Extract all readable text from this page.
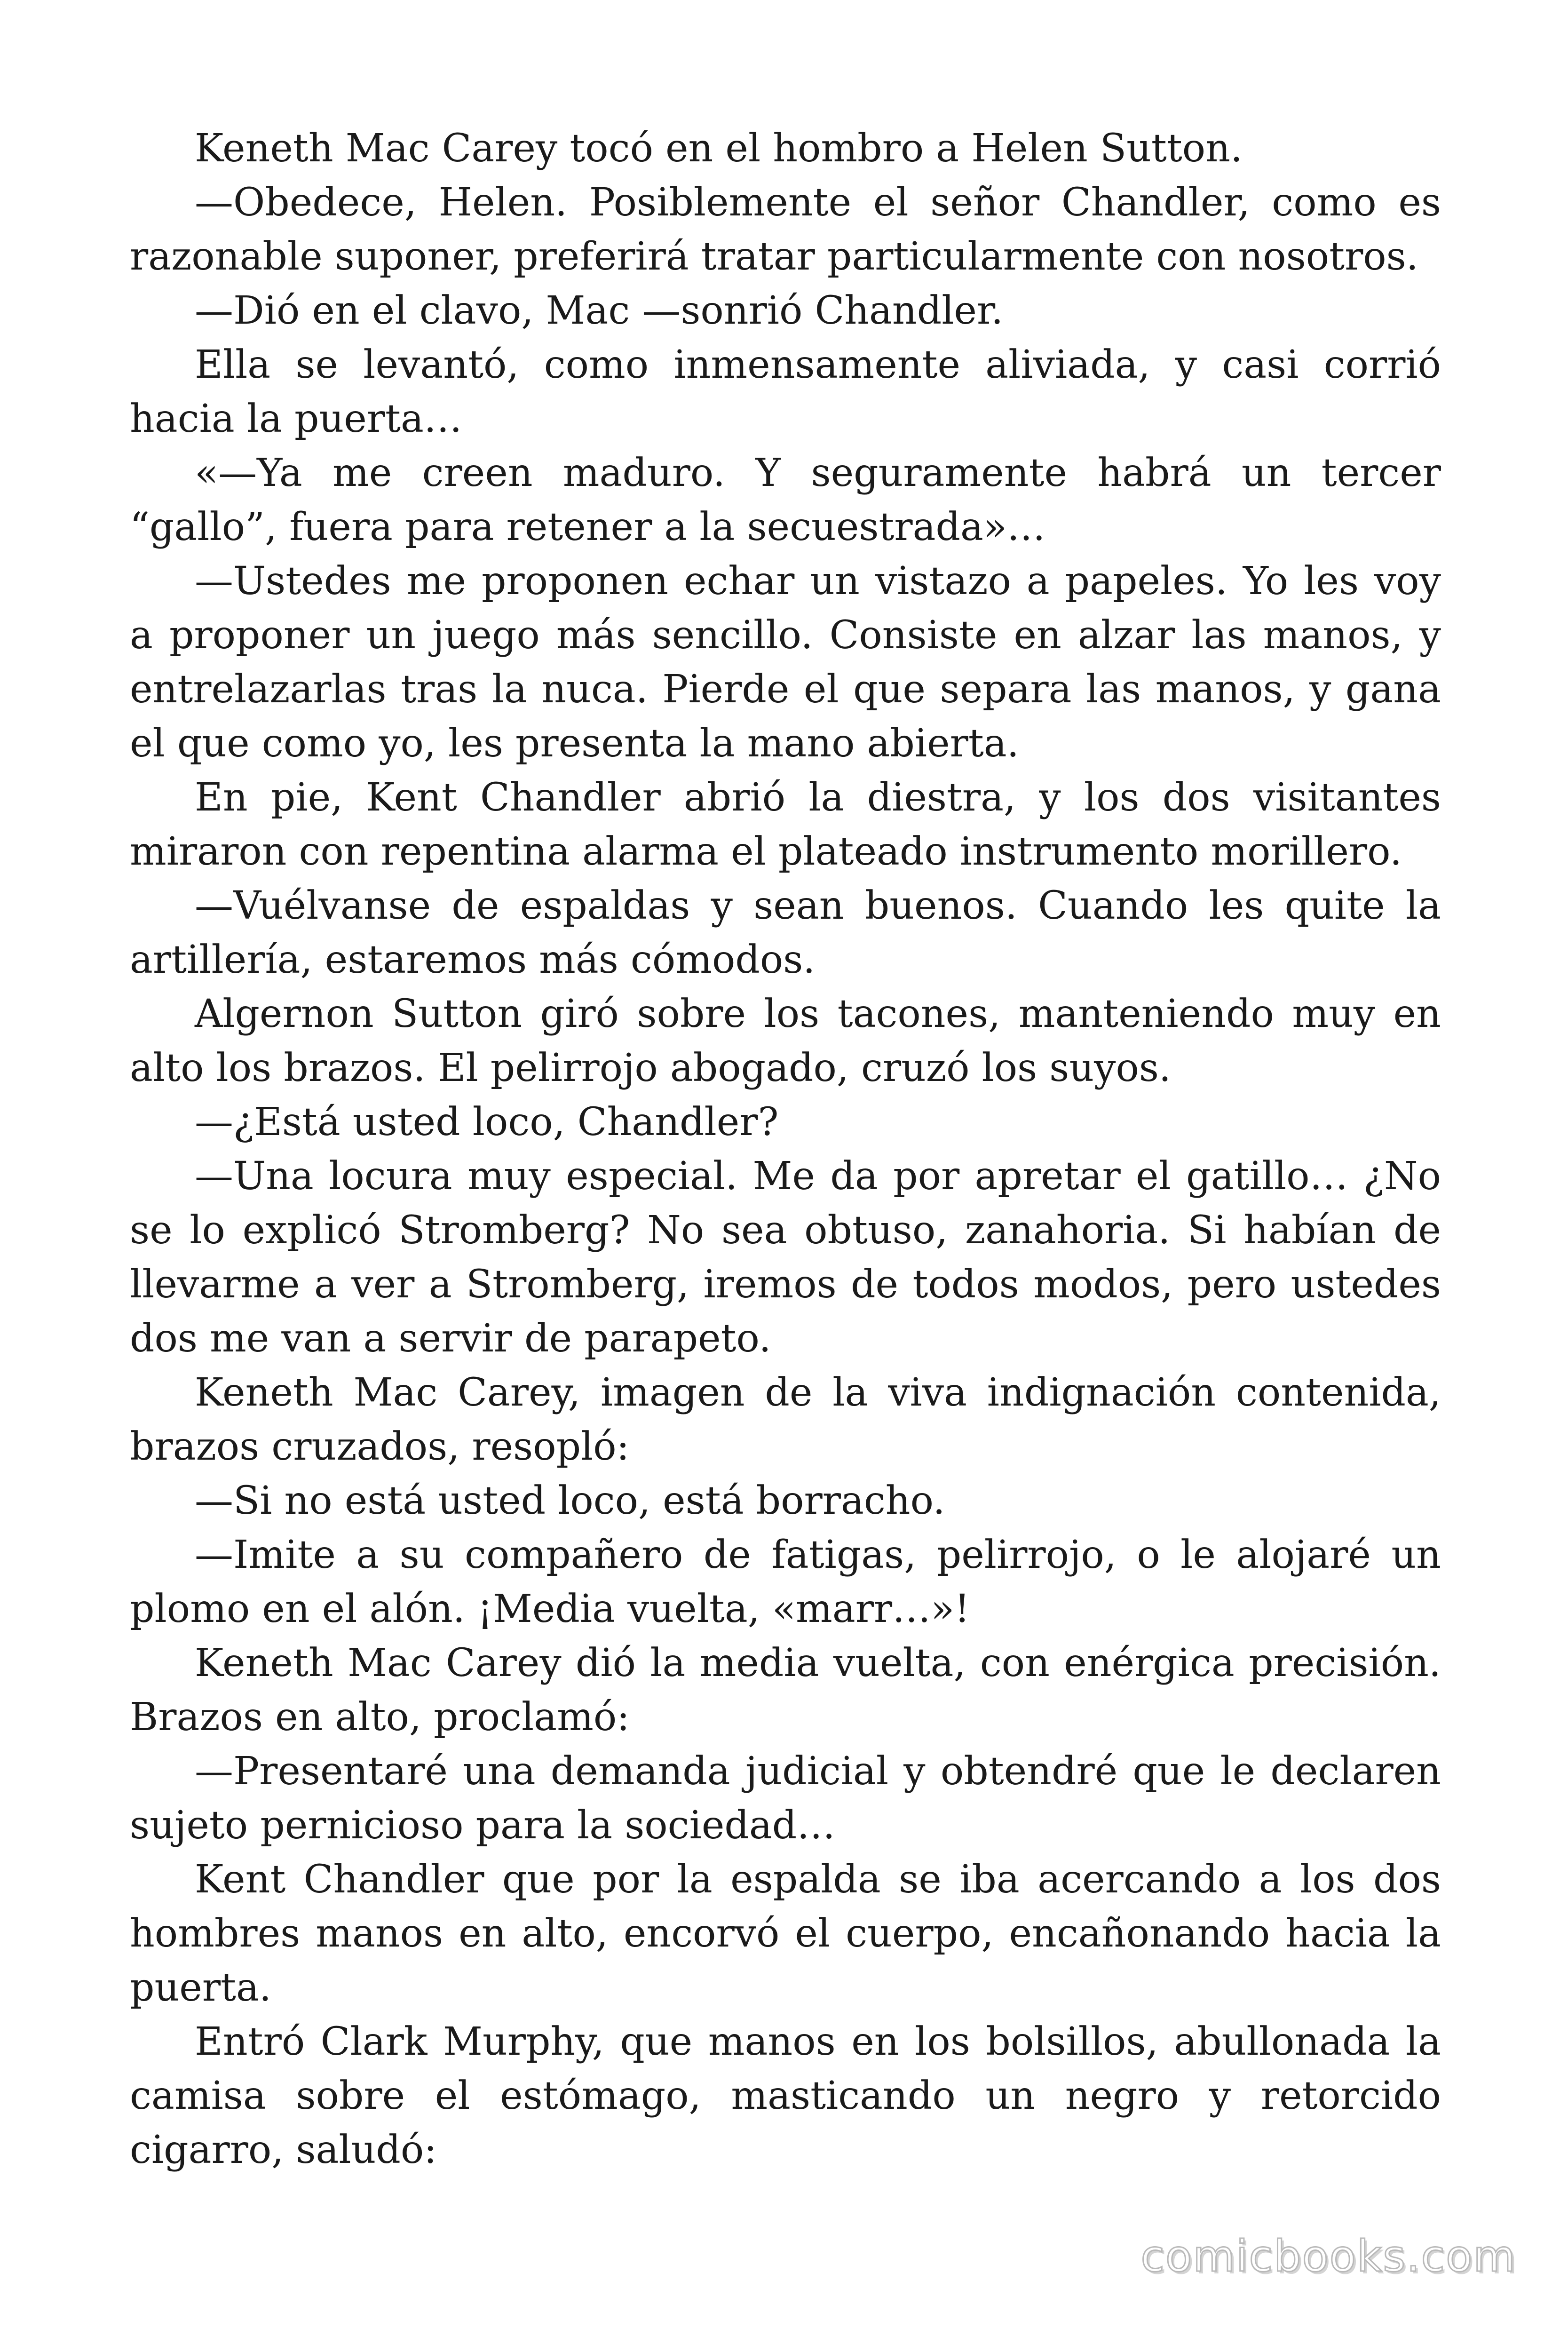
Keneth Mac Carey tocó en el hombro a Helen Sutton.

—Obedece, Helen. Posiblemente el señor Chandler, como es razonable suponer, preferirá tratar particularmente con nosotros.

—Dió en el clavo, Mac —sonrió Chandler.

Ella se levantó, como inmensamente aliviada, y casi corrió hacia la puerta…

«—Ya me creen maduro. Y seguramente habrá un tercer “gallo”, fuera para retener a la secuestrada»…

—Ustedes me proponen echar un vistazo a papeles. Yo les voy a proponer un juego más sencillo. Consiste en alzar las manos, y entrelazarlas tras la nuca. Pierde el que separa las manos, y gana el que como yo, les presenta la mano abierta.

En pie, Kent Chandler abrió la diestra, y los dos visitantes miraron con repentina alarma el plateado instrumento morillero.

—Vuélvanse de espaldas y sean buenos. Cuando les quite la artillería, estaremos más cómodos.

Algernon Sutton giró sobre los tacones, manteniendo muy en alto los brazos. El pelirrojo abogado, cruzó los suyos.

—¿Está usted loco, Chandler?

—Una locura muy especial. Me da por apretar el gatillo… ¿No se lo explicó Stromberg? No sea obtuso, zanahoria. Si habían de llevarme a ver a Stromberg, iremos de todos modos, pero ustedes dos me van a servir de parapeto.

Keneth Mac Carey, imagen de la viva indignación contenida, brazos cruzados, resopló:

—Si no está usted loco, está borracho.

—Imite a su compañero de fatigas, pelirrojo, o le alojaré un plomo en el alón. ¡Media vuelta, «marr…»!

Keneth Mac Carey dió la media vuelta, con enérgica precisión. Brazos en alto, proclamó:

—Presentaré una demanda judicial y obtendré que le declaren sujeto pernicioso para la sociedad…

Kent Chandler que por la espalda se iba acercando a los dos hombres manos en alto, encorvó el cuerpo, encañonando hacia la puerta.

Entró Clark Murphy, que manos en los bolsillos, abullonada la camisa sobre el estómago, masticando un negro y retorcido cigarro, saludó:

comicbooks.com
